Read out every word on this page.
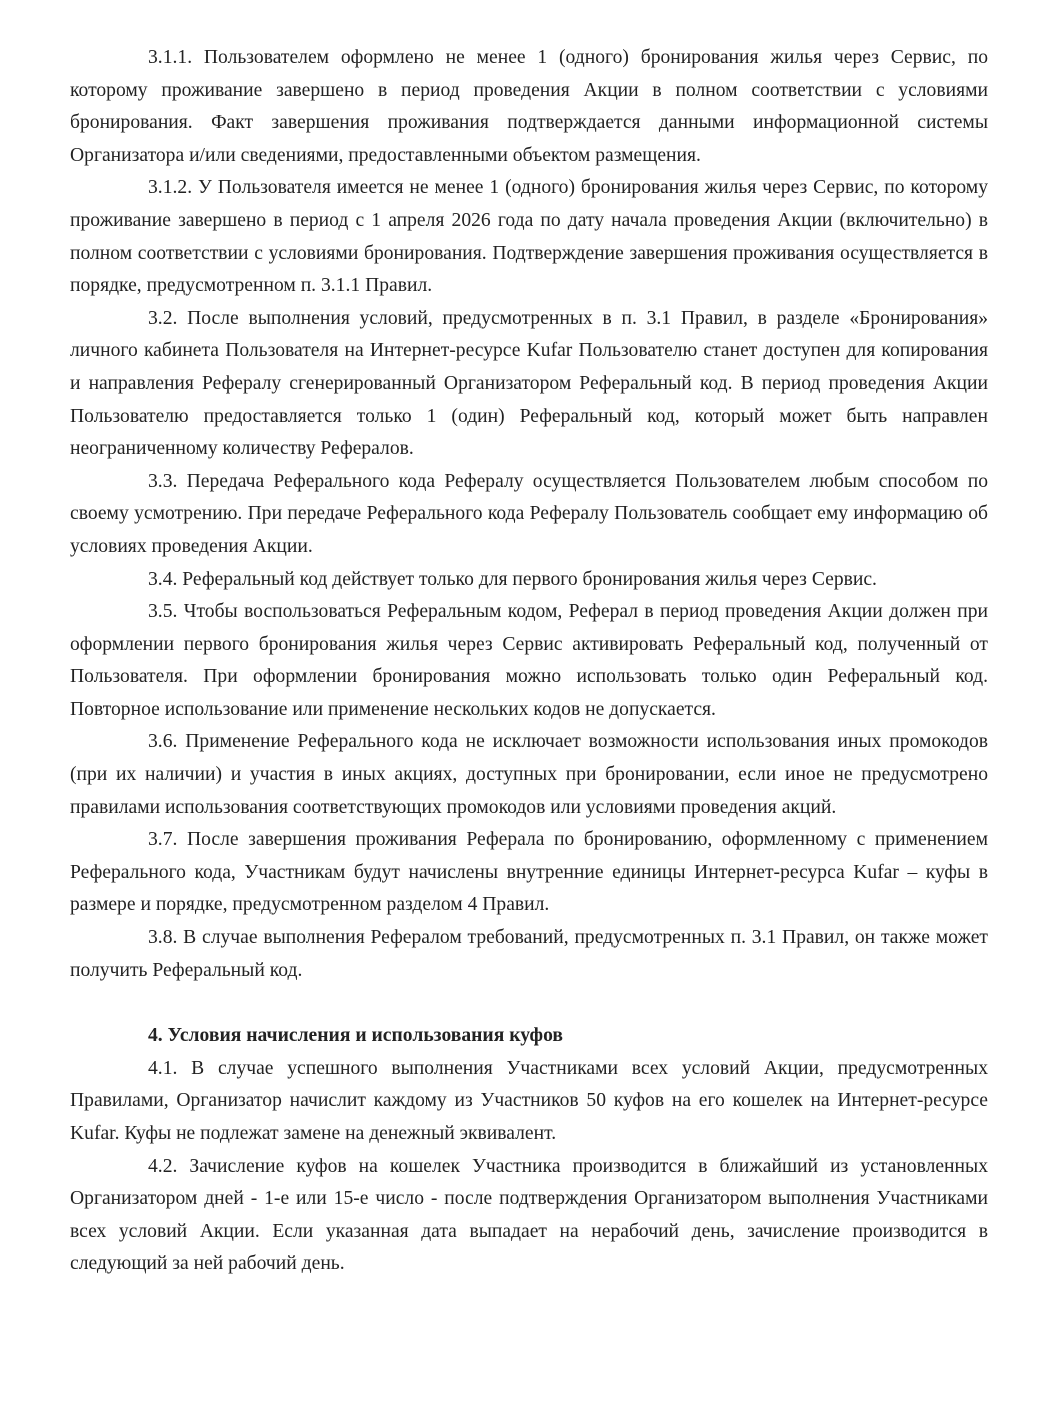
3.1.1. Пользователем оформлено не менее 1 (одного) бронирования жилья через Сервис, по которому проживание завершено в период проведения Акции в полном соответствии с условиями бронирования. Факт завершения проживания подтверждается данными информационной системы Организатора и/или сведениями, предоставленными объектом размещения.

3.1.2. У Пользователя имеется не менее 1 (одного) бронирования жилья через Сервис, по которому проживание завершено в период с 1 апреля 2026 года по дату начала проведения Акции (включительно) в полном соответствии с условиями бронирования. Подтверждение завершения проживания осуществляется в порядке, предусмотренном п. 3.1.1 Правил.

3.2. После выполнения условий, предусмотренных в п. 3.1 Правил, в разделе «Бронирования» личного кабинета Пользователя на Интернет-ресурсе Kufar Пользователю станет доступен для копирования и направления Рефералу сгенерированный Организатором Реферальный код. В период проведения Акции Пользователю предоставляется только 1 (один) Реферальный код, который может быть направлен неограниченному количеству Рефералов.

3.3. Передача Реферального кода Рефералу осуществляется Пользователем любым способом по своему усмотрению. При передаче Реферального кода Рефералу Пользователь сообщает ему информацию об условиях проведения Акции.

3.4. Реферальный код действует только для первого бронирования жилья через Сервис.

3.5. Чтобы воспользоваться Реферальным кодом, Реферал в период проведения Акции должен при оформлении первого бронирования жилья через Сервис активировать Реферальный код, полученный от Пользователя. При оформлении бронирования можно использовать только один Реферальный код. Повторное использование или применение нескольких кодов не допускается.

3.6. Применение Реферального кода не исключает возможности использования иных промокодов (при их наличии) и участия в иных акциях, доступных при бронировании, если иное не предусмотрено правилами использования соответствующих промокодов или условиями проведения акций.

3.7. После завершения проживания Реферала по бронированию, оформленному с применением Реферального кода, Участникам будут начислены внутренние единицы Интернет-ресурса Kufar – куфы в размере и порядке, предусмотренном разделом 4 Правил.

3.8. В случае выполнения Рефералом требований, предусмотренных п. 3.1 Правил, он также может получить Реферальный код.

4. Условия начисления и использования куфов

4.1. В случае успешного выполнения Участниками всех условий Акции, предусмотренных Правилами, Организатор начислит каждому из Участников 50 куфов на его кошелек на Интернет-ресурсе Kufar. Куфы не подлежат замене на денежный эквивалент.

4.2. Зачисление куфов на кошелек Участника производится в ближайший из установленных Организатором дней - 1-е или 15-е число - после подтверждения Организатором выполнения Участниками всех условий Акции. Если указанная дата выпадает на нерабочий день, зачисление производится в следующий за ней рабочий день.
